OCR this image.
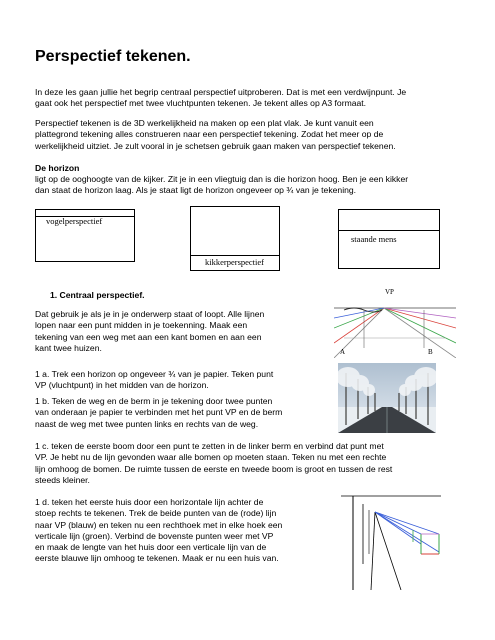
Perspectief tekenen.
In deze les gaan jullie het begrip centraal perspectief uitproberen. Dat is met een verdwijnpunt. Je
gaat ook het perspectief met twee vluchtpunten tekenen. Je tekent alles op A3 formaat.
Perspectief tekenen is de 3D werkelijkheid na maken op een plat vlak. Je kunt vanuit een
plattegrond tekening alles construeren naar een perspectief tekening. Zodat het meer op de
werkelijkheid uitziet. Je zult vooral in je schetsen gebruik gaan maken van perspectief tekenen.
De horizon
ligt op de ooghoogte van de kijker. Zit je in een vliegtuig dan is die horizon hoog. Ben je een kikker
dan staat de horizon laag. Als je staat ligt de horizon ongeveer op ¾ van je tekening.
vogelperspectief
kikkerperspectief
staande mens
1. Centraal perspectief.
Dat gebruik je als je in je onderwerp staat of loopt. Alle lijnen
lopen naar een punt midden in je toekenning. Maak een
tekening van een weg met aan een kant bomen en aan een
kant twee huizen.
VP
A	B
1 a. Trek een horizon op ongeveer ¾ van je papier. Teken punt
VP (vluchtpunt) in het midden van de horizon.
1 b. Teken de weg en de berm in je tekening door twee punten
van onderaan je papier te verbinden met het punt VP en de berm
naast de weg met twee punten links en rechts van de weg.
1 c. teken de eerste boom door een punt te zetten in de linker berm en verbind dat punt met
VP. Je hebt nu de lijn gevonden waar alle bomen op moeten staan. Teken nu met een rechte
lijn omhoog de bomen. De ruimte tussen de eerste en tweede boom is groot en tussen de rest
steeds kleiner.
1 d. teken het eerste huis door een horizontale lijn achter de
stoep rechts te tekenen. Trek de beide punten van de (rode) lijn
naar VP (blauw) en teken nu een rechthoek met in elke hoek een
verticale lijn (groen). Verbind de bovenste punten weer met VP
en maak de lengte van het huis door een verticale lijn van de
eerste blauwe lijn omhoog te tekenen. Maak er nu een huis van.
